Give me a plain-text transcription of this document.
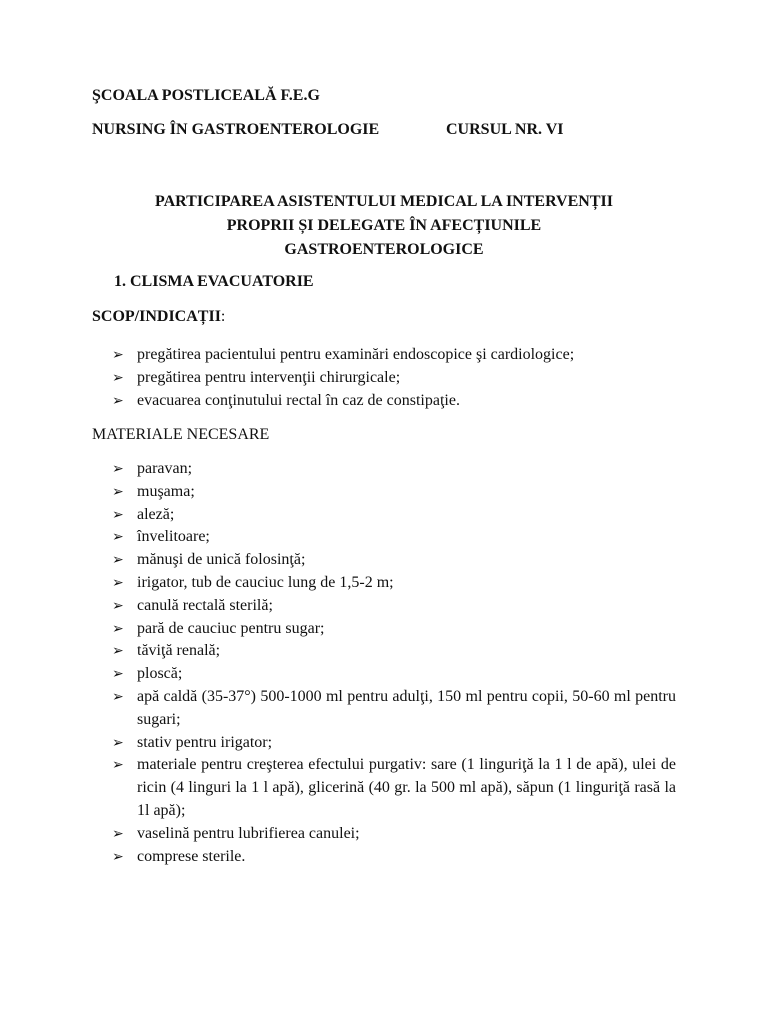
ŞCOALA POSTLICEALĂ F.E.G
NURSING ÎN GASTROENTEROLOGIE	CURSUL NR. VI
PARTICIPAREA ASISTENTULUI MEDICAL LA INTERVENȚII
PROPRII ȘI DELEGATE ÎN AFECȚIUNILE
GASTROENTEROLOGICE
1. CLISMA EVACUATORIE
SCOP/INDICAȚII:
➢ pregătirea pacientului pentru examinări endoscopice şi cardiologice;
➢ pregătirea pentru intervenţii chirurgicale;
➢ evacuarea conţinutului rectal în caz de constipaţie.
MATERIALE NECESARE
➢ paravan;
➢ muşama;
➢ aleză;
➢ învelitoare;
➢ mănuşi de unică folosinţă;
➢ irigator, tub de cauciuc lung de 1,5-2 m;
➢ canulă rectală sterilă;
➢ pară de cauciuc pentru sugar;
➢ tăviţă renală;
➢ ploscă;
➢ apă caldă (35-37°) 500-1000 ml pentru adulţi, 150 ml pentru copii, 50-60 ml pentru sugari;
➢ stativ pentru irigator;
➢ materiale pentru creşterea efectului purgativ: sare (1 linguriţă la 1 l de apă), ulei de ricin (4 linguri la 1 l apă), glicerină (40 gr. la 500 ml apă), săpun (1 linguriţă rasă la 1l apă);
➢ vaselină pentru lubrifierea canulei;
➢ comprese sterile.
